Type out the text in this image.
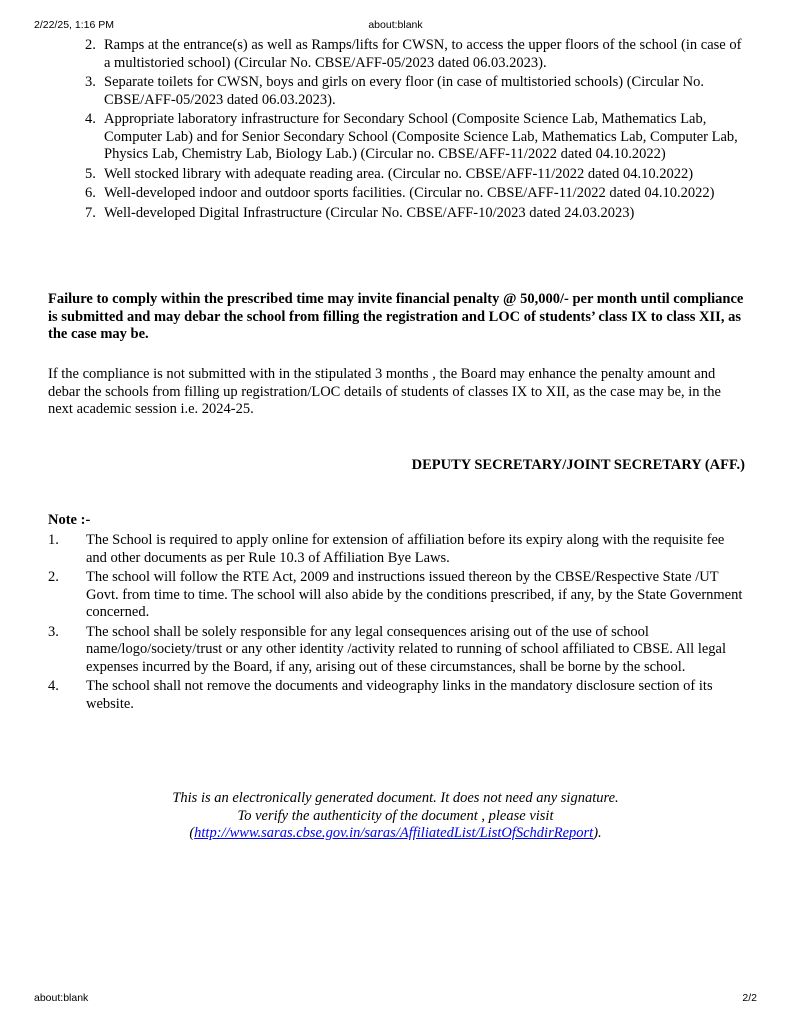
2/22/25, 1:16 PM	about:blank
2. Ramps at the entrance(s) as well as Ramps/lifts for CWSN, to access the upper floors of the school (in case of a multistoried school) (Circular No. CBSE/AFF-05/2023 dated 06.03.2023).
3. Separate toilets for CWSN, boys and girls on every floor (in case of multistoried schools) (Circular No. CBSE/AFF-05/2023 dated 06.03.2023).
4. Appropriate laboratory infrastructure for Secondary School (Composite Science Lab, Mathematics Lab, Computer Lab) and for Senior Secondary School (Composite Science Lab, Mathematics Lab, Computer Lab, Physics Lab, Chemistry Lab, Biology Lab.) (Circular no. CBSE/AFF-11/2022 dated 04.10.2022)
5. Well stocked library with adequate reading area. (Circular no. CBSE/AFF-11/2022 dated 04.10.2022)
6. Well-developed indoor and outdoor sports facilities. (Circular no. CBSE/AFF-11/2022 dated 04.10.2022)
7. Well-developed Digital Infrastructure (Circular No. CBSE/AFF-10/2023 dated 24.03.2023)

Failure to comply within the prescribed time may invite financial penalty @ 50,000/- per month until compliance is submitted and may debar the school from filling the registration and LOC of students’ class IX to class XII, as the case may be.

If the compliance is not submitted with in the stipulated 3 months , the Board may enhance the penalty amount and debar the schools from filling up registration/LOC details of students of classes IX to XII, as the case may be, in the next academic session i.e. 2024-25.

DEPUTY SECRETARY/JOINT SECRETARY (AFF.)
Note :-
1. The School is required to apply online for extension of affiliation before its expiry along with the requisite fee and other documents as per Rule 10.3 of Affiliation Bye Laws.
2. The school will follow the RTE Act, 2009 and instructions issued thereon by the CBSE/Respective State /UT Govt. from time to time. The school will also abide by the conditions prescribed, if any, by the State Government concerned.
3. The school shall be solely responsible for any legal consequences arising out of the use of school name/logo/society/trust or any other identity /activity related to running of school affiliated to CBSE. All legal expenses incurred by the Board, if any, arising out of these circumstances, shall be borne by the school.
4. The school shall not remove the documents and videography links in the mandatory disclosure section of its website.
This is an electronically generated document. It does not need any signature.
To verify the authenticity of the document , please visit
(http://www.saras.cbse.gov.in/saras/AffiliatedList/ListOfSchdirReport).
about:blank	2/2
